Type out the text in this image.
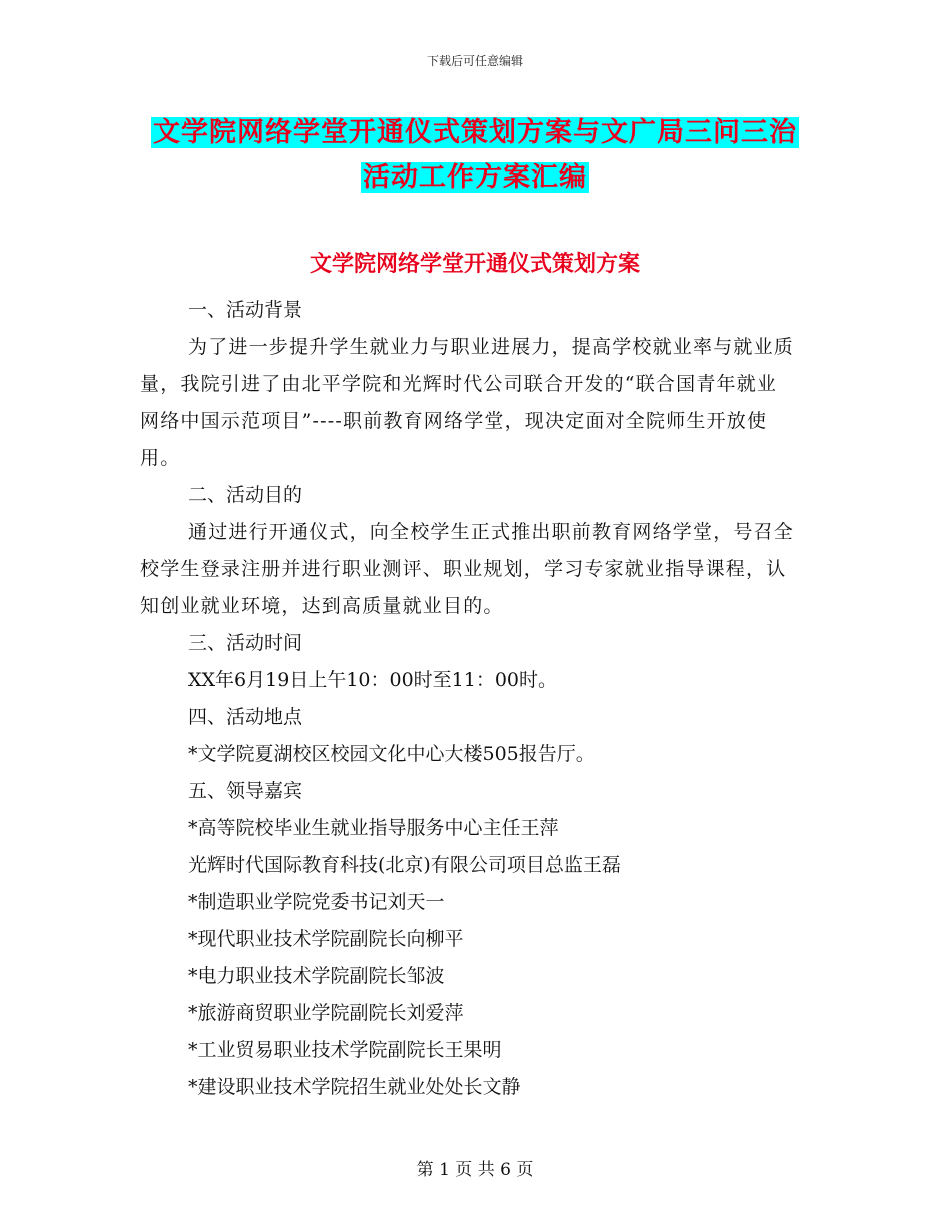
下载后可任意编辑
文学院网络学堂开通仪式策划方案与文广局三问三治
活动工作方案汇编
文学院网络学堂开通仪式策划方案

一、活动背景

为了进一步提升学生就业力与职业进展力，提高学校就业率与就业质量，我院引进了由北平学院和光辉时代公司联合开发的“联合国青年就业网络中国示范项目”----职前教育网络学堂，现决定面对全院师生开放使用。

二、活动目的

通过进行开通仪式，向全校学生正式推出职前教育网络学堂，号召全校学生登录注册并进行职业测评、职业规划，学习专家就业指导课程，认知创业就业环境，达到高质量就业目的。

三、活动时间

XX年6月19日上午10：00时至11：00时。

四、活动地点

*文学院夏湖校区校园文化中心大楼505报告厅。

五、领导嘉宾

*高等院校毕业生就业指导服务中心主任王萍

光辉时代国际教育科技(北京)有限公司项目总监王磊

*制造职业学院党委书记刘天一

*现代职业技术学院副院长向柳平

*电力职业技术学院副院长邹波

*旅游商贸职业学院副院长刘爱萍

*工业贸易职业技术学院副院长王果明

*建设职业技术学院招生就业处处长文静

第 1 页 共 6 页
